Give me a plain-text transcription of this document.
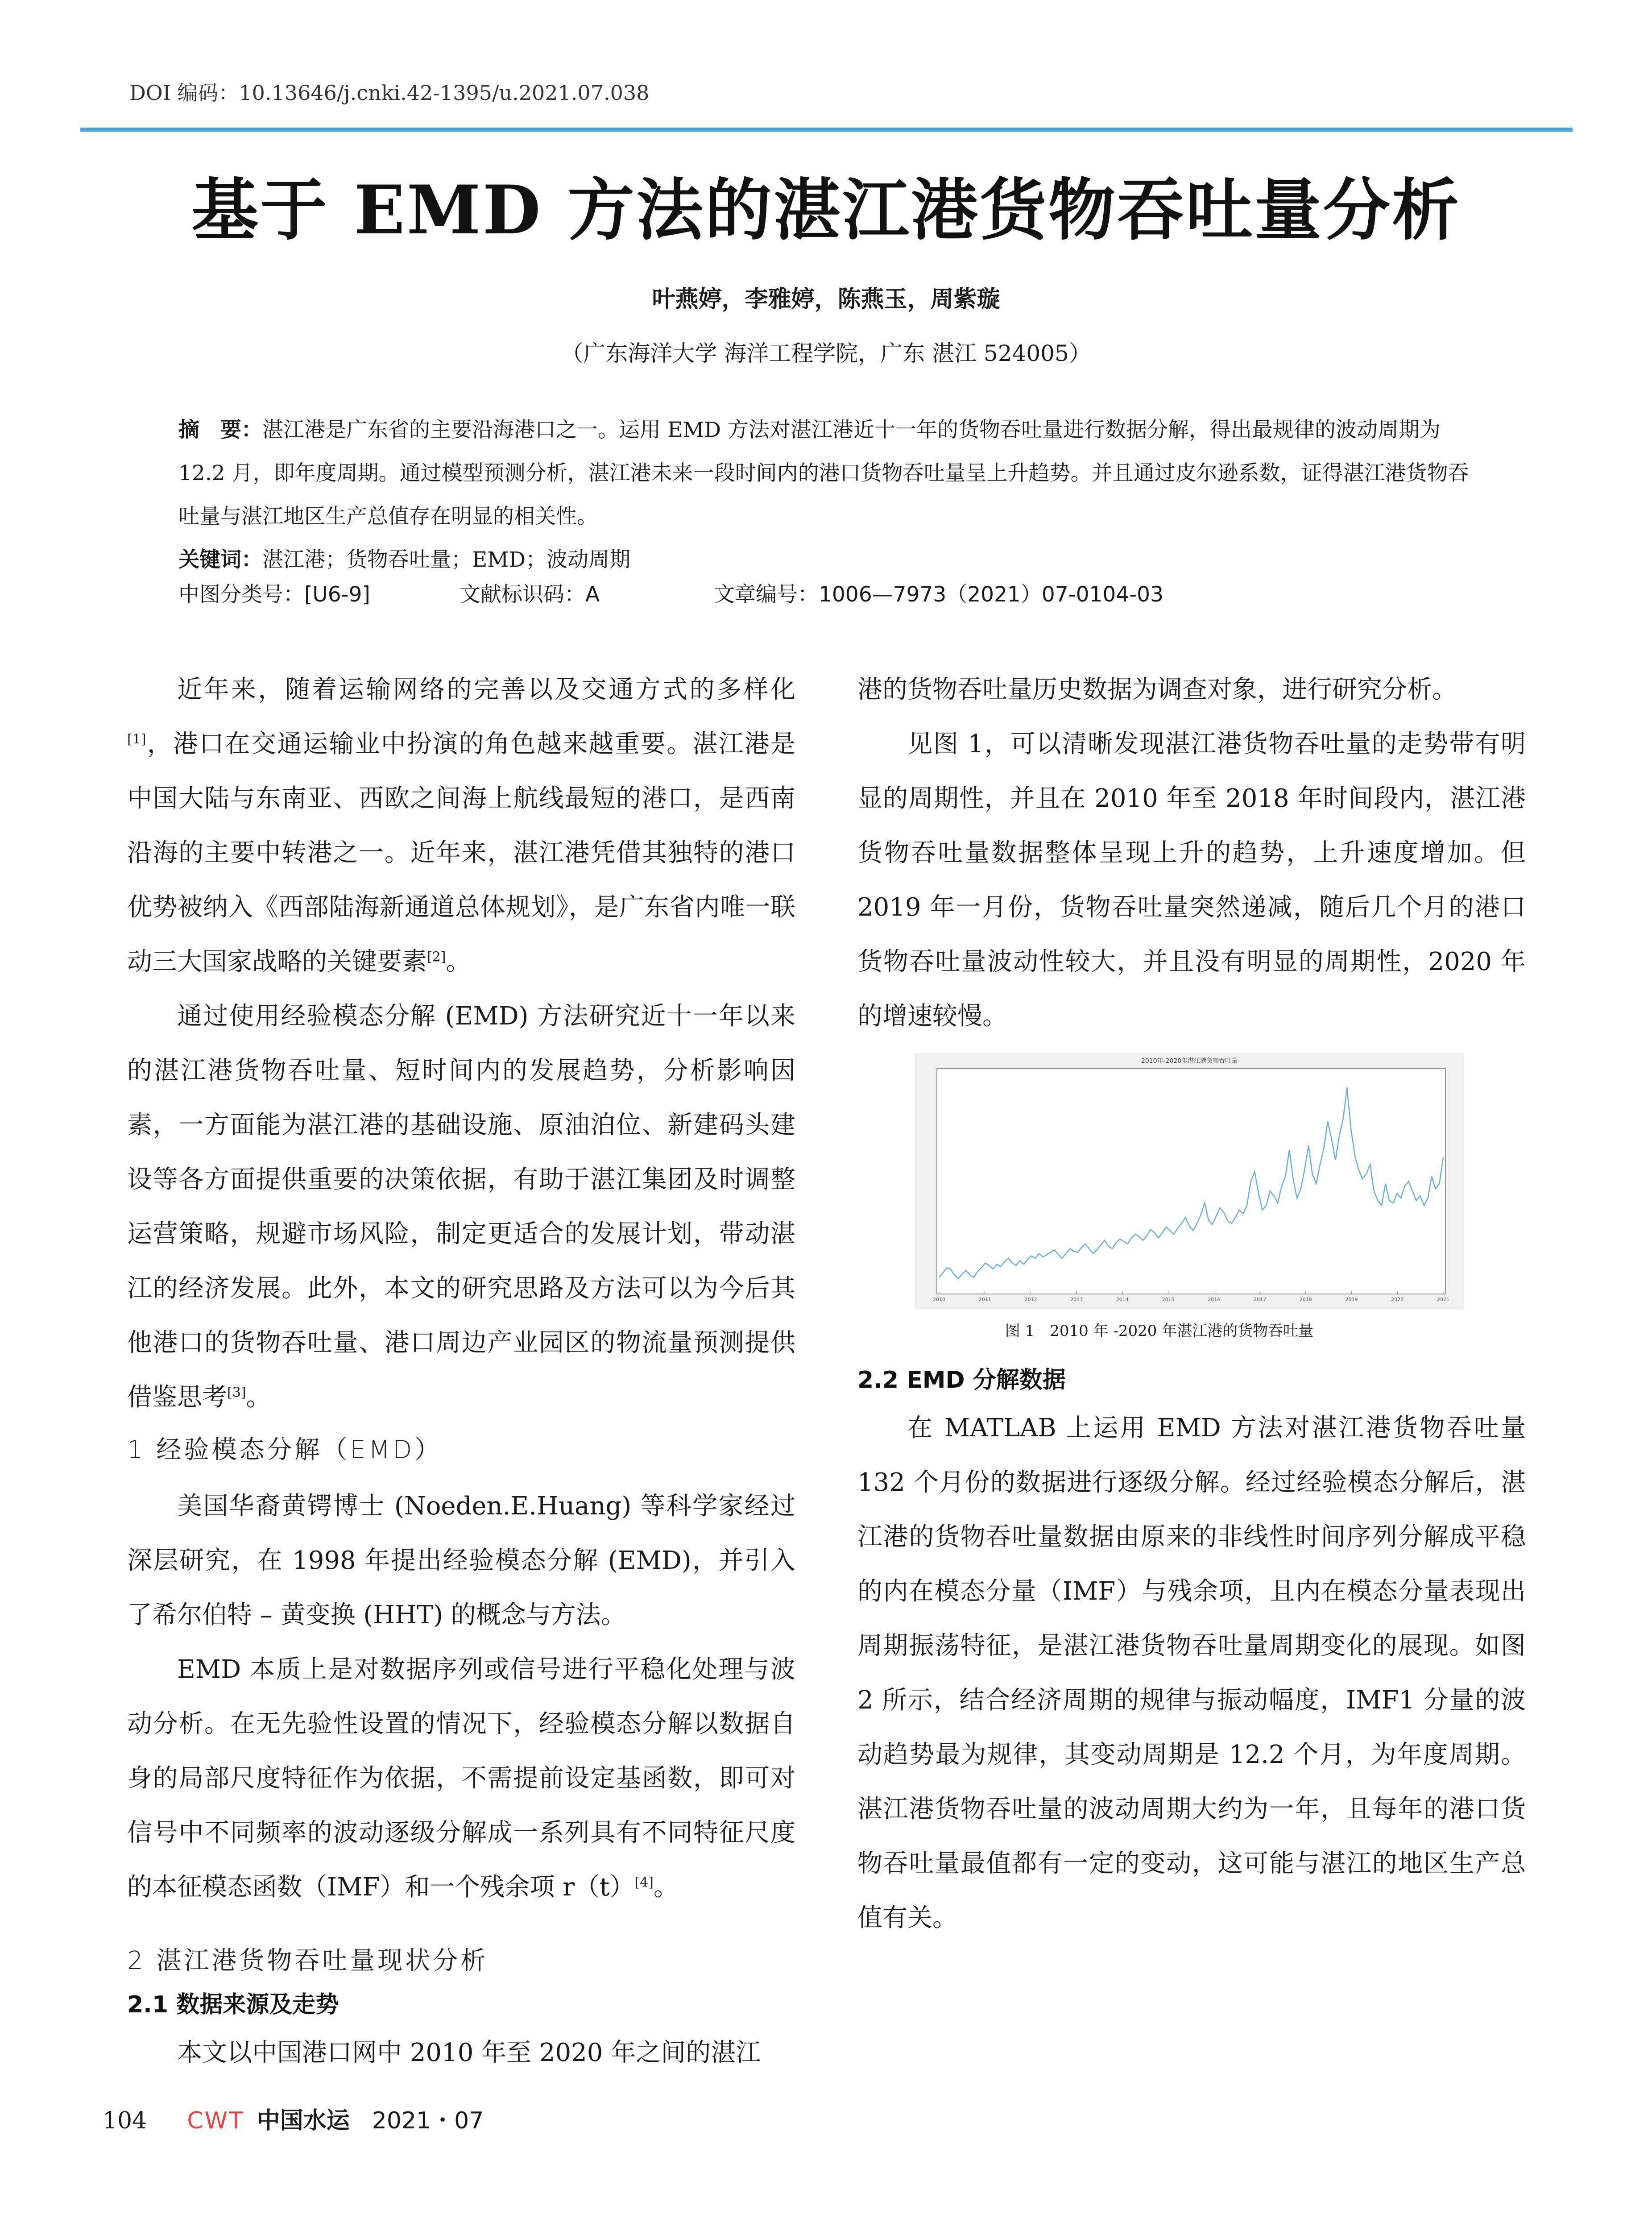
DOI 编码：10.13646/j.cnki.42-1395/u.2021.07.038
基于 EMD 方法的湛江港货物吞吐量分析
叶燕婷，李雅婷，陈燕玉，周紫璇
（广东海洋大学 海洋工程学院，广东 湛江 524005）
摘　要：湛江港是广东省的主要沿海港口之一。运用 EMD 方法对湛江港近十一年的货物吞吐量进行数据分解，得出最规律的波动周期为 12.2 月，即年度周期。通过模型预测分析，湛江港未来一段时间内的港口货物吞吐量呈上升趋势。并且通过皮尔逊系数，证得湛江港货物吞吐量与湛江地区生产总值存在明显的相关性。
关键词：湛江港；货物吞吐量；EMD；波动周期
中图分类号：[U6-9]	文献标识码：A	文章编号：1006—7973（2021）07-0104-03

近年来，随着运输网络的完善以及交通方式的多样化[1]，港口在交通运输业中扮演的角色越来越重要。湛江港是中国大陆与东南亚、西欧之间海上航线最短的港口，是西南沿海的主要中转港之一。近年来，湛江港凭借其独特的港口优势被纳入《西部陆海新通道总体规划》，是广东省内唯一联动三大国家战略的关键要素[2]。

通过使用经验模态分解 (EMD) 方法研究近十一年以来的湛江港货物吞吐量、短时间内的发展趋势，分析影响因素，一方面能为湛江港的基础设施、原油泊位、新建码头建设等各方面提供重要的决策依据，有助于湛江集团及时调整运营策略，规避市场风险，制定更适合的发展计划，带动湛江的经济发展。此外，本文的研究思路及方法可以为今后其他港口的货物吞吐量、港口周边产业园区的物流量预测提供借鉴思考[3]。

1 经验模态分解（EMD）

美国华裔黄锷博士 (Noeden.E.Huang) 等科学家经过深层研究，在 1998 年提出经验模态分解 (EMD)，并引入了希尔伯特 – 黄变换 (HHT) 的概念与方法。

EMD 本质上是对数据序列或信号进行平稳化处理与波动分析。在无先验性设置的情况下，经验模态分解以数据自身的局部尺度特征作为依据，不需提前设定基函数，即可对信号中不同频率的波动逐级分解成一系列具有不同特征尺度的本征模态函数（IMF）和一个残余项 r（t）[4]。

2 湛江港货物吞吐量现状分析
2.1 数据来源及走势

本文以中国港口网中 2010 年至 2020 年之间的湛江

港的货物吞吐量历史数据为调查对象，进行研究分析。

见图 1，可以清晰发现湛江港货物吞吐量的走势带有明显的周期性，并且在 2010 年至 2018 年时间段内，湛江港货物吞吐量数据整体呈现上升的趋势，上升速度增加。但 2019 年一月份，货物吞吐量突然递减，随后几个月的港口货物吞吐量波动性较大，并且没有明显的周期性，2020 年的增速较慢。

2010年-2020年湛江港货物吞吐量
2010	2011	2012	2013	2014	2015	2016	2017	2018	2019	2020	2021
图 1　2010 年 -2020 年湛江港的货物吞吐量
2.2 EMD 分解数据

在 MATLAB 上运用 EMD 方法对湛江港货物吞吐量 132 个月份的数据进行逐级分解。经过经验模态分解后，湛江港的货物吞吐量数据由原来的非线性时间序列分解成平稳的内在模态分量（IMF）与残余项，且内在模态分量表现出周期振荡特征，是湛江港货物吞吐量周期变化的展现。如图 2 所示，结合经济周期的规律与振动幅度，IMF1 分量的波动趋势最为规律，其变动周期是 12.2 个月，为年度周期。湛江港货物吞吐量的波动周期大约为一年，且每年的港口货物吞吐量最值都有一定的变动，这可能与湛江的地区生产总值有关。

104 CWT 中国水运 2021・07
